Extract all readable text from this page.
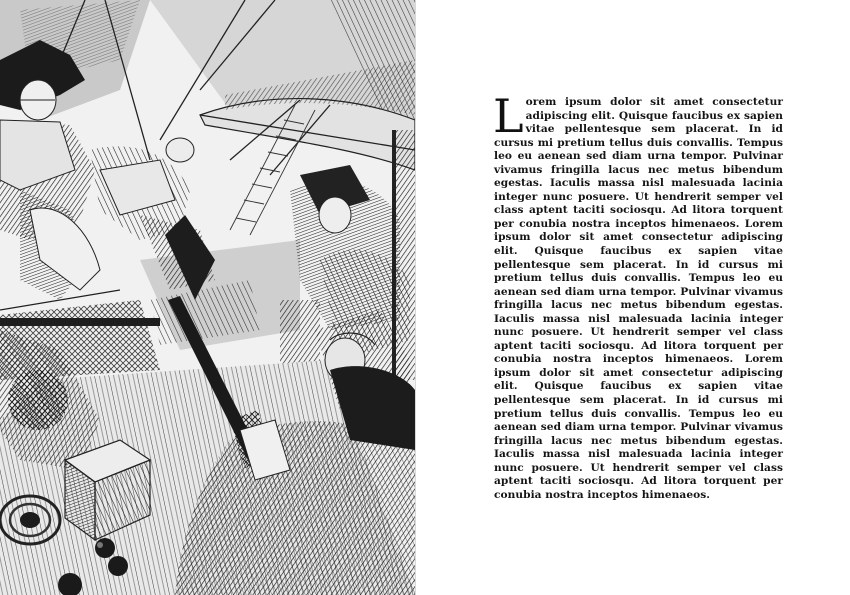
Lorem ipsum dolor sit amet consectetur adipiscing elit. Quisque faucibus ex sapien vitae pellentesque sem placerat. In id cursus mi pretium tellus duis convallis. Tempus leo eu aenean sed diam urna tempor. Pulvinar vivamus fringilla lacus nec metus bibendum egestas. Iaculis massa nisl malesuada lacinia integer nunc posuere. Ut hendrerit semper vel class aptent taciti sociosqu. Ad litora torquent per conubia nostra inceptos himenaeos. Lorem ipsum dolor sit amet consectetur adipiscing elit. Quisque faucibus ex sapien vitae pellentesque sem placerat. In id cursus mi pretium tellus duis convallis. Tempus leo eu aenean sed diam urna tempor. Pulvinar vivamus fringilla lacus nec metus bibendum egestas. Iaculis massa nisl malesuada lacinia integer nunc posuere. Ut hendrerit semper vel class aptent taciti sociosqu. Ad litora torquent per conubia nostra inceptos himenaeos. Lorem ipsum dolor sit amet consectetur adipiscing elit. Quisque faucibus ex sapien vitae pellentesque sem placerat. In id cursus mi pretium tellus duis convallis. Tempus leo eu aenean sed diam urna tempor. Pulvinar vivamus fringilla lacus nec metus bibendum egestas. Iaculis massa nisl malesuada lacinia integer nunc posuere. Ut hendrerit semper vel class aptent taciti sociosqu. Ad litora torquent per conubia nostra inceptos himenaeos.
